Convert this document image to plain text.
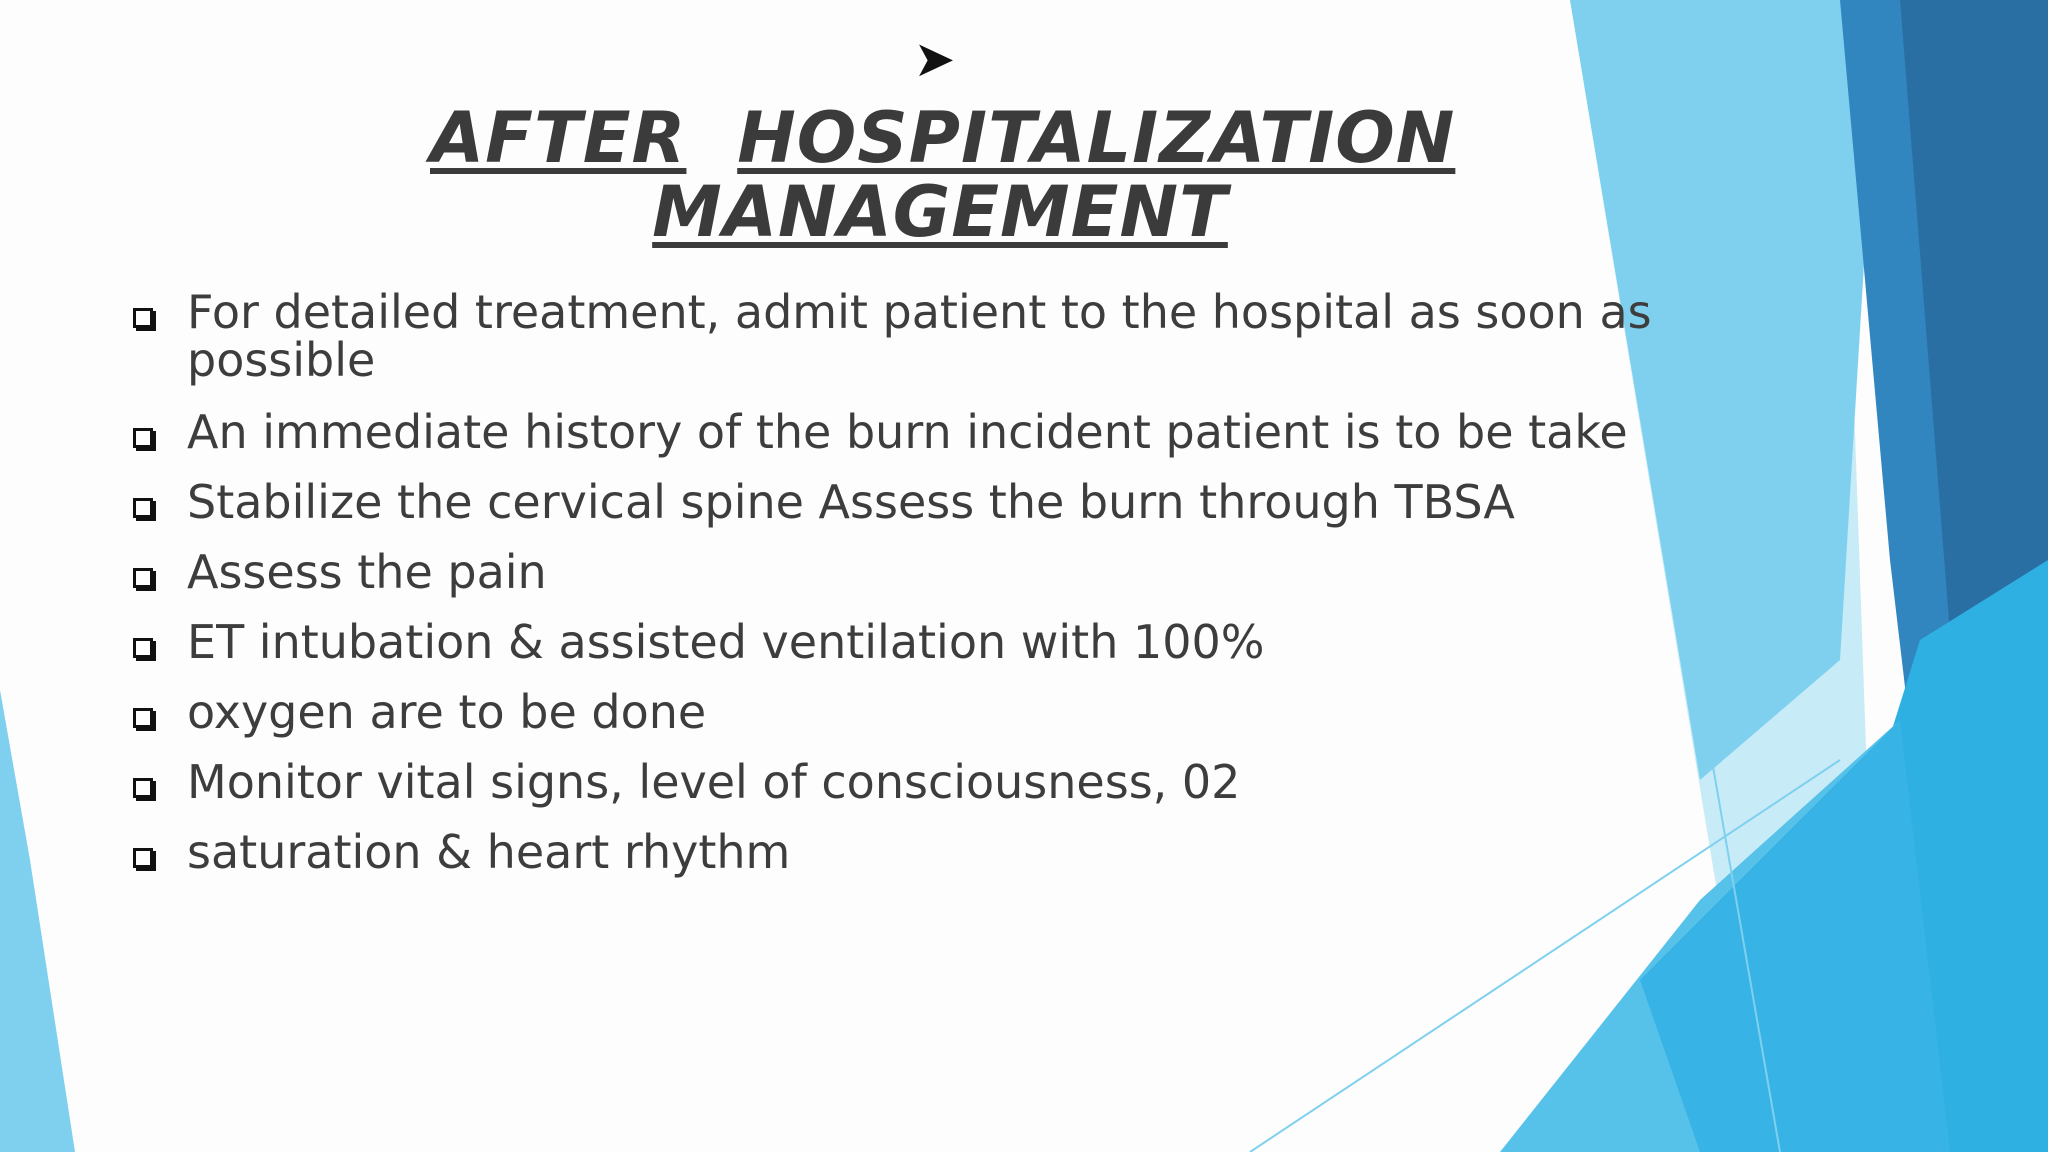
➤AFTER HOSPITALIZATION
MANAGEMENT
For detailed treatment, admit patient to the hospital as soon as possible
An immediate history of the burn incident patient is to be take
Stabilize the cervical spine Assess the burn through TBSA
Assess the pain
ET intubation & assisted ventilation with 100%
oxygen are to be done
Monitor vital signs, level of consciousness, 02
saturation & heart rhythm
